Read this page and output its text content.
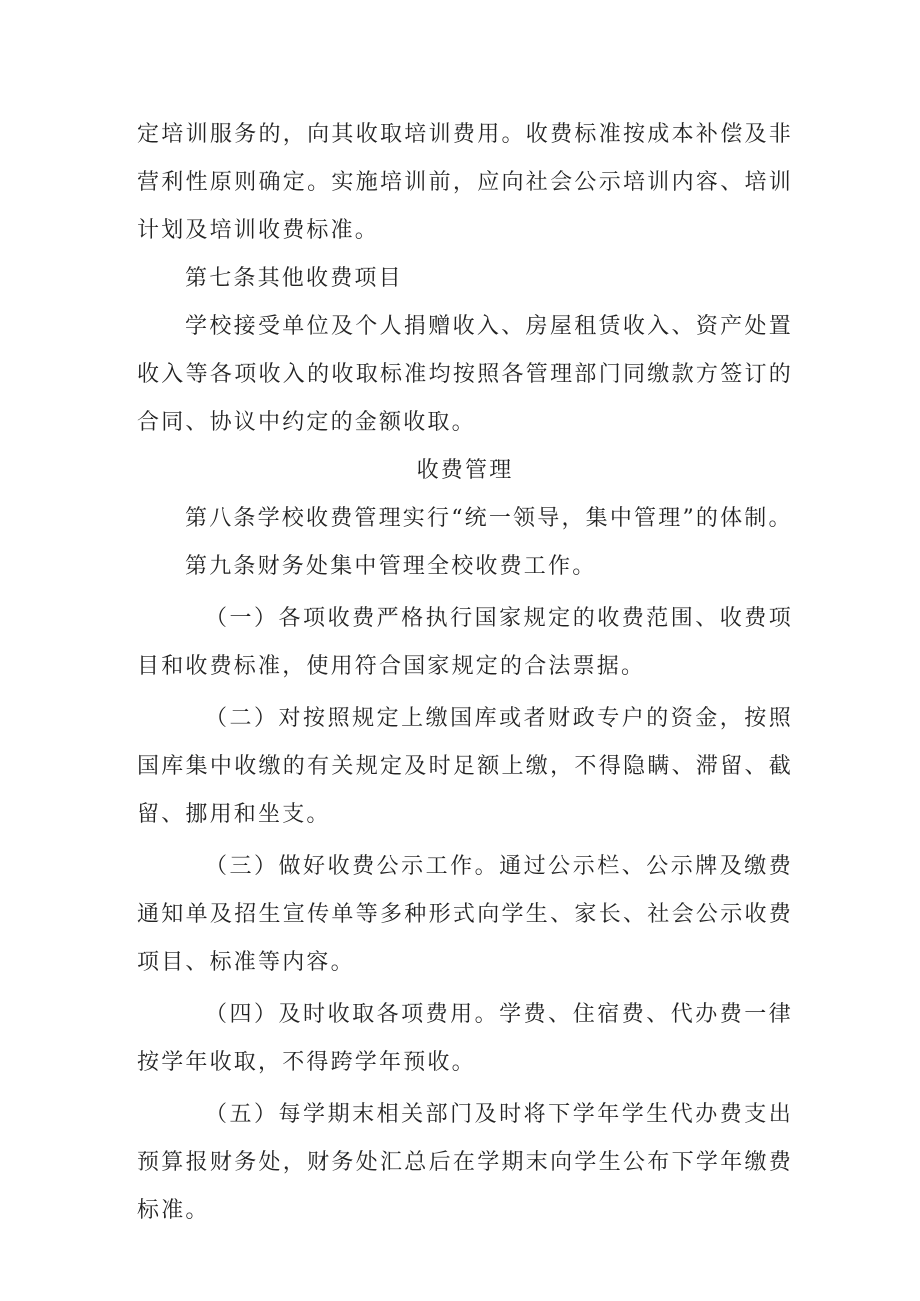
定培训服务的，向其收取培训费用。收费标准按成本补偿及非营利性原则确定。实施培训前，应向社会公示培训内容、培训计划及培训收费标准。

第七条其他收费项目

学校接受单位及个人捐赠收入、房屋租赁收入、资产处置收入等各项收入的收取标准均按照各管理部门同缴款方签订的合同、协议中约定的金额收取。

收费管理

第八条学校收费管理实行“统一领导，集中管理”的体制。

第九条财务处集中管理全校收费工作。

（一）各项收费严格执行国家规定的收费范围、收费项目和收费标准，使用符合国家规定的合法票据。

（二）对按照规定上缴国库或者财政专户的资金，按照国库集中收缴的有关规定及时足额上缴，不得隐瞒、滞留、截留、挪用和坐支。

（三）做好收费公示工作。通过公示栏、公示牌及缴费通知单及招生宣传单等多种形式向学生、家长、社会公示收费项目、标准等内容。

（四）及时收取各项费用。学费、住宿费、代办费一律按学年收取，不得跨学年预收。

（五）每学期末相关部门及时将下学年学生代办费支出预算报财务处，财务处汇总后在学期末向学生公布下学年缴费标准。
